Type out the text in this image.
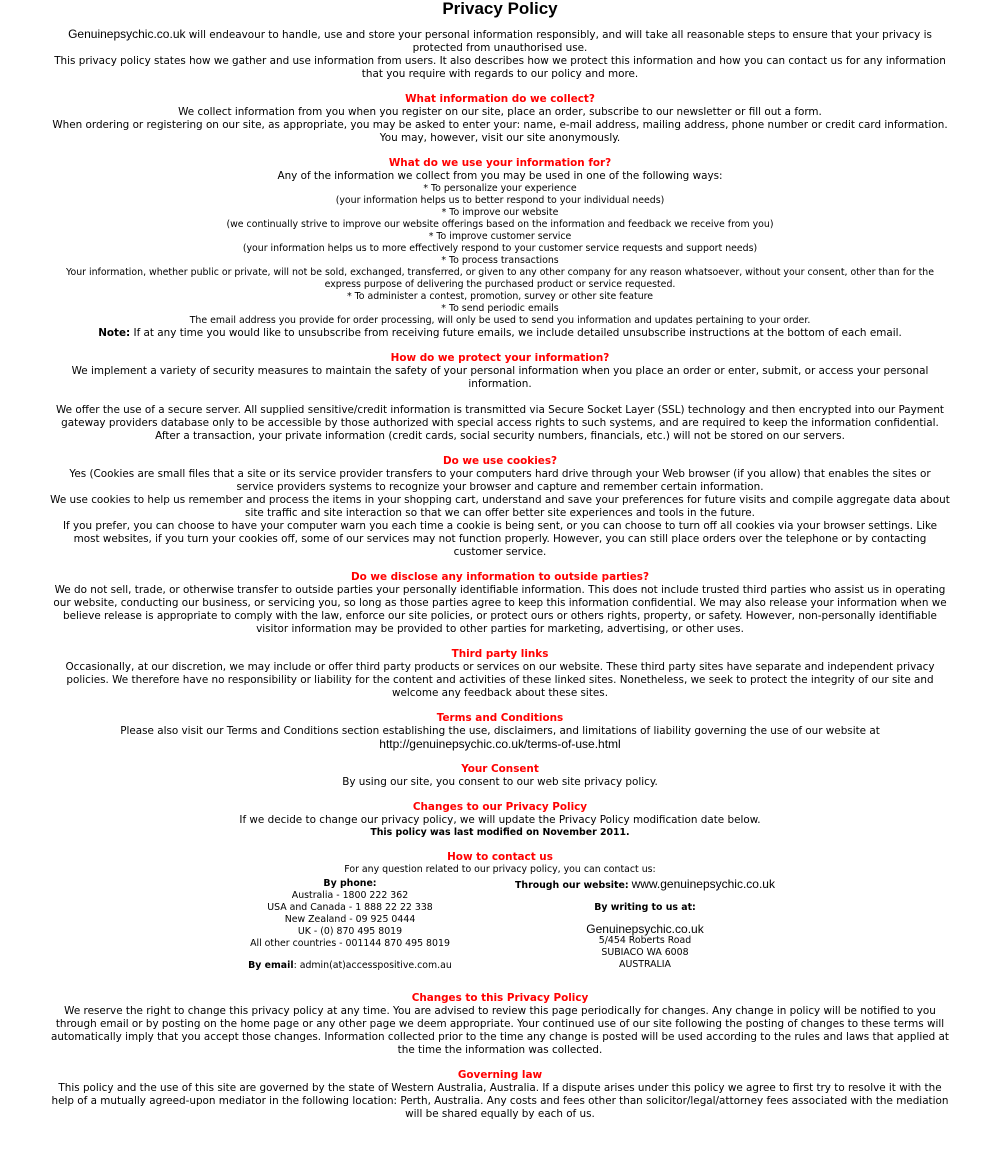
Privacy Policy

Genuinepsychic.co.uk will endeavour to handle, use and store your personal information responsibly, and will take all reasonable steps to ensure that your privacy is protected from unauthorised use.

This privacy policy states how we gather and use information from users. It also describes how we protect this information and how you can contact us for any information that you require with regards to our policy and more.

What information do we collect?

We collect information from you when you register on our site, place an order, subscribe to our newsletter or fill out a form.

When ordering or registering on our site, as appropriate, you may be asked to enter your: name, e-mail address, mailing address, phone number or credit card information. You may, however, visit our site anonymously.

What do we use your information for?

Any of the information we collect from you may be used in one of the following ways:

* To personalize your experience

(your information helps us to better respond to your individual needs)

* To improve our website

(we continually strive to improve our website offerings based on the information and feedback we receive from you)

* To improve customer service

(your information helps us to more effectively respond to your customer service requests and support needs)

* To process transactions

Your information, whether public or private, will not be sold, exchanged, transferred, or given to any other company for any reason whatsoever, without your consent, other than for the express purpose of delivering the purchased product or service requested.

* To administer a contest, promotion, survey or other site feature

* To send periodic emails

The email address you provide for order processing, will only be used to send you information and updates pertaining to your order.

Note: If at any time you would like to unsubscribe from receiving future emails, we include detailed unsubscribe instructions at the bottom of each email.

How do we protect your information?

We implement a variety of security measures to maintain the safety of your personal information when you place an order or enter, submit, or access your personal information.

We offer the use of a secure server. All supplied sensitive/credit information is transmitted via Secure Socket Layer (SSL) technology and then encrypted into our Payment gateway providers database only to be accessible by those authorized with special access rights to such systems, and are required to keep the information confidential.

After a transaction, your private information (credit cards, social security numbers, financials, etc.) will not be stored on our servers.

Do we use cookies?

Yes (Cookies are small files that a site or its service provider transfers to your computers hard drive through your Web browser (if you allow) that enables the sites or service providers systems to recognize your browser and capture and remember certain information.

We use cookies to help us remember and process the items in your shopping cart, understand and save your preferences for future visits and compile aggregate data about site traffic and site interaction so that we can offer better site experiences and tools in the future.

If you prefer, you can choose to have your computer warn you each time a cookie is being sent, or you can choose to turn off all cookies via your browser settings. Like most websites, if you turn your cookies off, some of our services may not function properly. However, you can still place orders over the telephone or by contacting customer service.

Do we disclose any information to outside parties?

We do not sell, trade, or otherwise transfer to outside parties your personally identifiable information. This does not include trusted third parties who assist us in operating our website, conducting our business, or servicing you, so long as those parties agree to keep this information confidential. We may also release your information when we believe release is appropriate to comply with the law, enforce our site policies, or protect ours or others rights, property, or safety. However, non-personally identifiable visitor information may be provided to other parties for marketing, advertising, or other uses.

Third party links

Occasionally, at our discretion, we may include or offer third party products or services on our website. These third party sites have separate and independent privacy policies. We therefore have no responsibility or liability for the content and activities of these linked sites. Nonetheless, we seek to protect the integrity of our site and welcome any feedback about these sites.

Terms and Conditions

Please also visit our Terms and Conditions section establishing the use, disclaimers, and limitations of liability governing the use of our website at

http://genuinepsychic.co.uk/terms-of-use.html

Your Consent

By using our site, you consent to our web site privacy policy.

Changes to our Privacy Policy

If we decide to change our privacy policy, we will update the Privacy Policy modification date below.

This policy was last modified on November 2011.

How to contact us

For any question related to our privacy policy, you can contact us:

By phone:

Australia - 1800 222 362

USA and Canada - 1 888 22 22 338

New Zealand - 09 925 0444

UK - (0) 870 495 8019

All other countries - 001144 870 495 8019

By email: admin(at)accesspositive.com.au

Through our website: www.genuinepsychic.co.uk

By writing to us at:

Genuinepsychic.co.uk

5/454 Roberts Road

SUBIACO WA 6008

AUSTRALIA

Changes to this Privacy Policy

We reserve the right to change this privacy policy at any time. You are advised to review this page periodically for changes. Any change in policy will be notified to you through email or by posting on the home page or any other page we deem appropriate. Your continued use of our site following the posting of changes to these terms will automatically imply that you accept those changes. Information collected prior to the time any change is posted will be used according to the rules and laws that applied at the time the information was collected.

Governing law

This policy and the use of this site are governed by the state of Western Australia, Australia. If a dispute arises under this policy we agree to first try to resolve it with the help of a mutually agreed-upon mediator in the following location: Perth, Australia. Any costs and fees other than solicitor/legal/attorney fees associated with the mediation will be shared equally by each of us.
